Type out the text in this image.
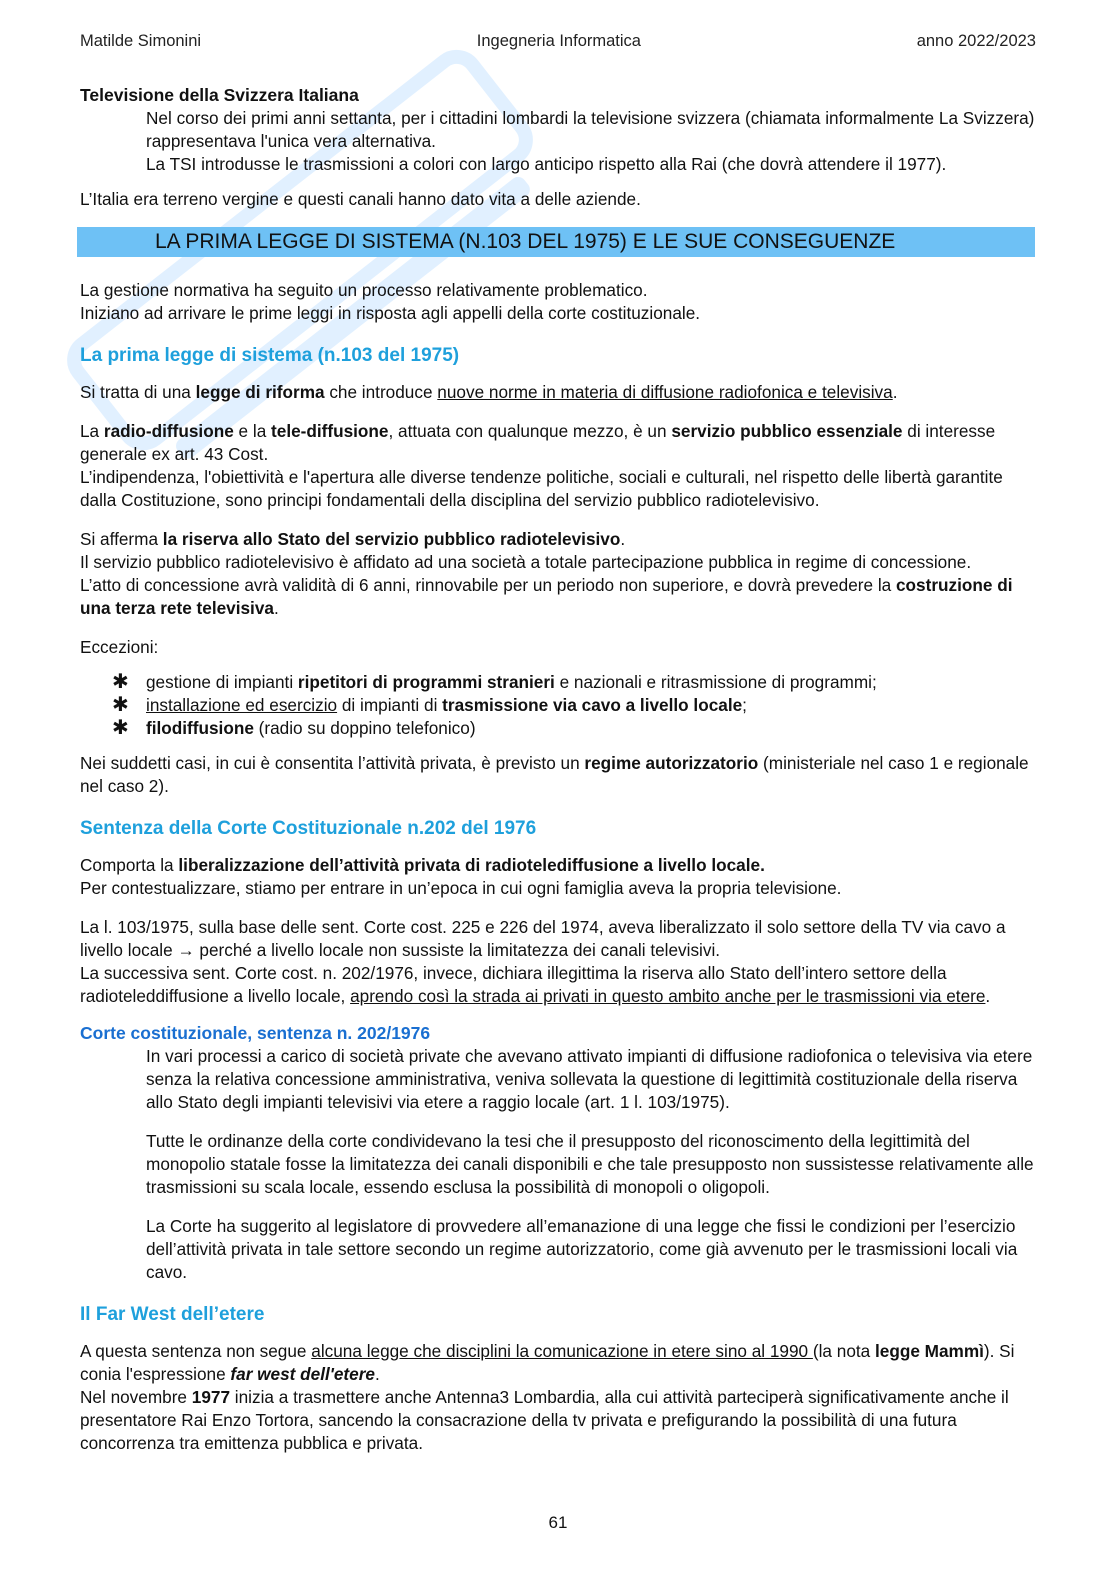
Matilde Simonini	Ingegneria Informatica	anno 2022/2023
Televisione della Svizzera Italiana

Nel corso dei primi anni settanta, per i cittadini lombardi la televisione svizzera (chiamata informalmente La Svizzera) rappresentava l'unica vera alternativa.

La TSI introdusse le trasmissioni a colori con largo anticipo rispetto alla Rai (che dovrà attendere il 1977).

L’Italia era terreno vergine e questi canali hanno dato vita a delle aziende.

LA PRIMA LEGGE DI SISTEMA (N.103 DEL 1975) E LE SUE CONSEGUENZE

La gestione normativa ha seguito un processo relativamente problematico.

Iniziano ad arrivare le prime leggi in risposta agli appelli della corte costituzionale.

La prima legge di sistema (n.103 del 1975)

Si tratta di una legge di riforma che introduce nuove norme in materia di diffusione radiofonica e televisiva.

La radio-diffusione e la tele-diffusione, attuata con qualunque mezzo, è un servizio pubblico essenziale di interesse generale ex art. 43 Cost.

L’indipendenza, l'obiettività e l'apertura alle diverse tendenze politiche, sociali e culturali, nel rispetto delle libertà garantite dalla Costituzione, sono principi fondamentali della disciplina del servizio pubblico radiotelevisivo.

Si afferma la riserva allo Stato del servizio pubblico radiotelevisivo.

Il servizio pubblico radiotelevisivo è affidato ad una società a totale partecipazione pubblica in regime di concessione.

L’atto di concessione avrà validità di 6 anni, rinnovabile per un periodo non superiore, e dovrà prevedere la costruzione di una terza rete televisiva.

Eccezioni:

✱ gestione di impianti ripetitori di programmi stranieri e nazionali e ritrasmissione di programmi;
✱ installazione ed esercizio di impianti di trasmissione via cavo a livello locale;
✱ filodiffusione (radio su doppino telefonico)

Nei suddetti casi, in cui è consentita l’attività privata, è previsto un regime autorizzatorio (ministeriale nel caso 1 e regionale nel caso 2).

Sentenza della Corte Costituzionale n.202 del 1976

Comporta la liberalizzazione dell’attività privata di radiotelediffusione a livello locale.

Per contestualizzare, stiamo per entrare in un’epoca in cui ogni famiglia aveva la propria televisione.

La l. 103/1975, sulla base delle sent. Corte cost. 225 e 226 del 1974, aveva liberalizzato il solo settore della TV via cavo a livello locale → perché a livello locale non sussiste la limitatezza dei canali televisivi.

La successiva sent. Corte cost. n. 202/1976, invece, dichiara illegittima la riserva allo Stato dell’intero settore della radioteleddiffusione a livello locale, aprendo così la strada ai privati in questo ambito anche per le trasmissioni via etere.

Corte costituzionale, sentenza n. 202/1976

In vari processi a carico di società private che avevano attivato impianti di diffusione radiofonica o televisiva via etere senza la relativa concessione amministrativa, veniva sollevata la questione di legittimità costituzionale della riserva allo Stato degli impianti televisivi via etere a raggio locale (art. 1 l. 103/1975).

Tutte le ordinanze della corte condividevano la tesi che il presupposto del riconoscimento della legittimità del monopolio statale fosse la limitatezza dei canali disponibili e che tale presupposto non sussistesse relativamente alle trasmissioni su scala locale, essendo esclusa la possibilità di monopoli o oligopoli.

La Corte ha suggerito al legislatore di provvedere all’emanazione di una legge che fissi le condizioni per l’esercizio dell’attività privata in tale settore secondo un regime autorizzatorio, come già avvenuto per le trasmissioni locali via cavo.

Il Far West dell’etere

A questa sentenza non segue alcuna legge che disciplini la comunicazione in etere sino al 1990 (la nota legge Mammì). Si conia l'espressione far west dell'etere.

Nel novembre 1977 inizia a trasmettere anche Antenna3 Lombardia, alla cui attività parteciperà significativamente anche il presentatore Rai Enzo Tortora, sancendo la consacrazione della tv privata e prefigurando la possibilità di una futura concorrenza tra emittenza pubblica e privata.

61
